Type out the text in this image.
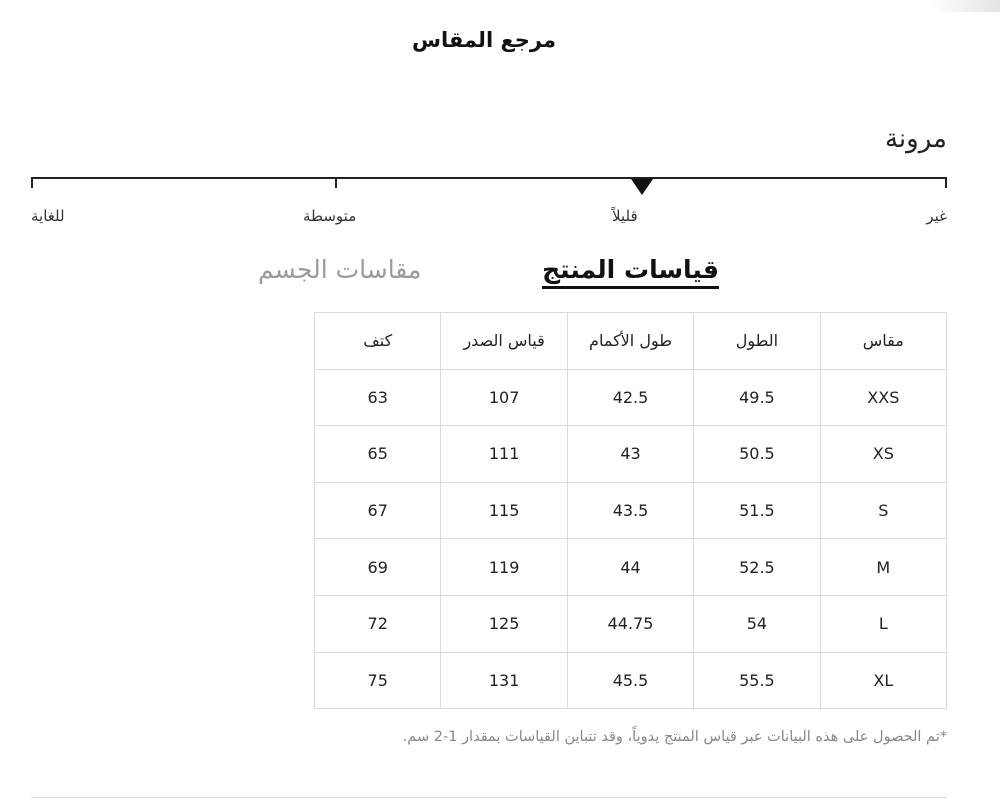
مرجع المقاس
مرونة
غير
قليلاً
متوسطة
للغاية
قياسات المنتج
مقاسات الجسم
مقاس	الطول	طول الأكمام	قياس الصدر	كتف
XXS	49.5	42.5	107	63
XS	50.5	43	111	65
S	51.5	43.5	115	67
M	52.5	44	119	69
L	54	44.75	125	72
XL	55.5	45.5	131	75

*تم الحصول على هذه البيانات عبر قياس المنتج يدوياً، وقد تتباين القياسات بمقدار 1-2 سم.
